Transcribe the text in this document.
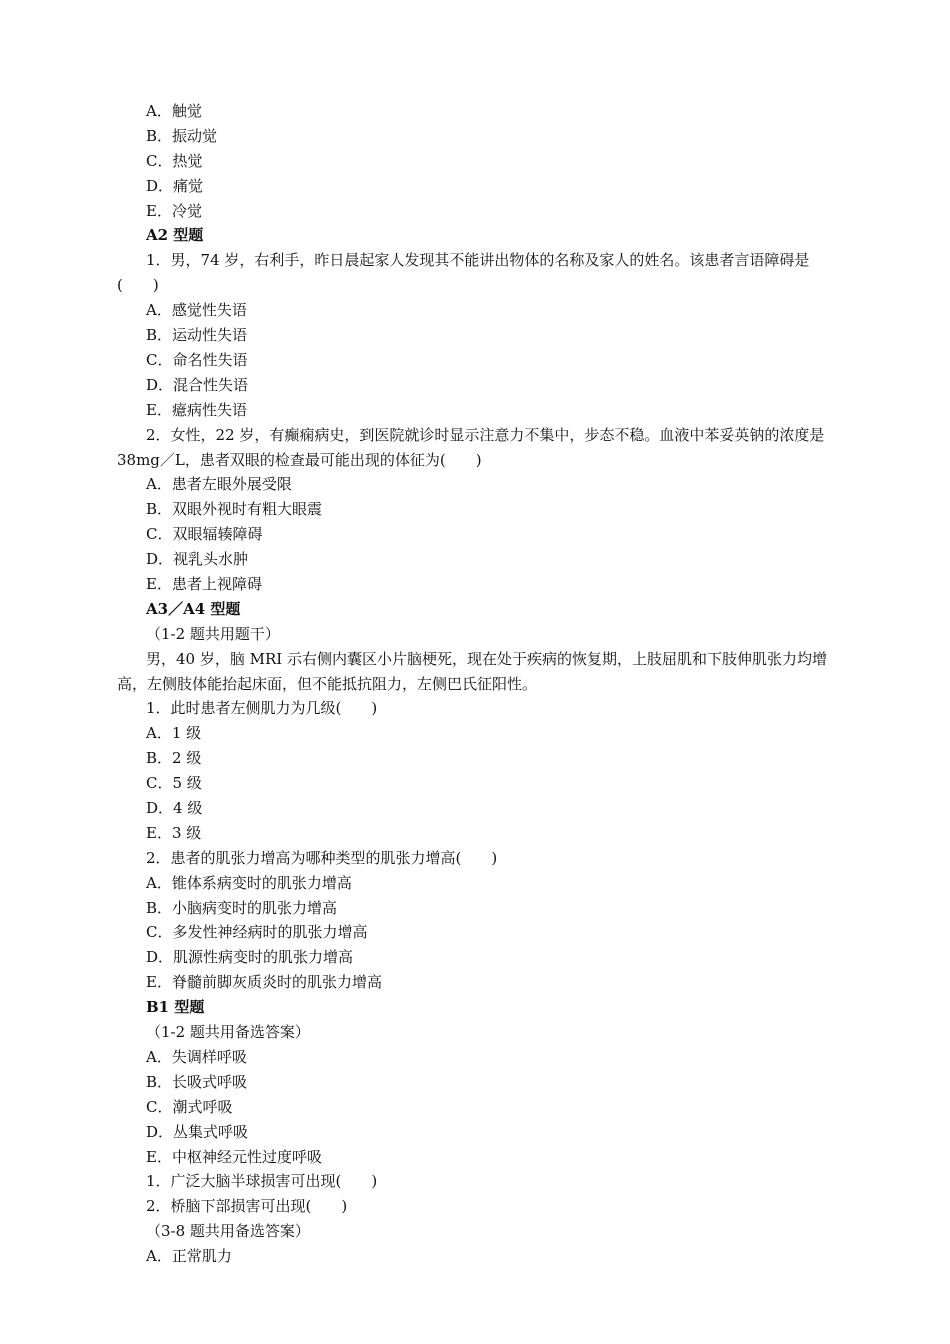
A．触觉
B．振动觉
C．热觉
D．痛觉
E．冷觉
A2 型题
1．男，74 岁，右利手，昨日晨起家人发现其不能讲出物体的名称及家人的姓名。该患者言语障碍是(　　)
A．感觉性失语
B．运动性失语
C．命名性失语
D．混合性失语
E．癔病性失语
2．女性，22 岁，有癫痫病史，到医院就诊时显示注意力不集中，步态不稳。血液中苯妥英钠的浓度是 38mg／L，患者双眼的检查最可能出现的体征为(　　)
A．患者左眼外展受限
B．双眼外视时有粗大眼震
C．双眼辐辏障碍
D．视乳头水肿
E．患者上视障碍
A3／A4 型题
（1-2 题共用题干）
男，40 岁，脑 MRI 示右侧内囊区小片脑梗死，现在处于疾病的恢复期，上肢屈肌和下肢伸肌张力均增高，左侧肢体能抬起床面，但不能抵抗阻力，左侧巴氏征阳性。
1．此时患者左侧肌力为几级(　　)
A．1 级
B．2 级
C．5 级
D．4 级
E．3 级
2．患者的肌张力增高为哪种类型的肌张力增高(　　)
A．锥体系病变时的肌张力增高
B．小脑病变时的肌张力增高
C．多发性神经病时的肌张力增高
D．肌源性病变时的肌张力增高
E．脊髓前脚灰质炎时的肌张力增高
B1 型题
（1-2 题共用备选答案）
A．失调样呼吸
B．长吸式呼吸
C．潮式呼吸
D．丛集式呼吸
E．中枢神经元性过度呼吸
1．广泛大脑半球损害可出现(　　)
2．桥脑下部损害可出现(　　)
（3-8 题共用备选答案）
A．正常肌力
